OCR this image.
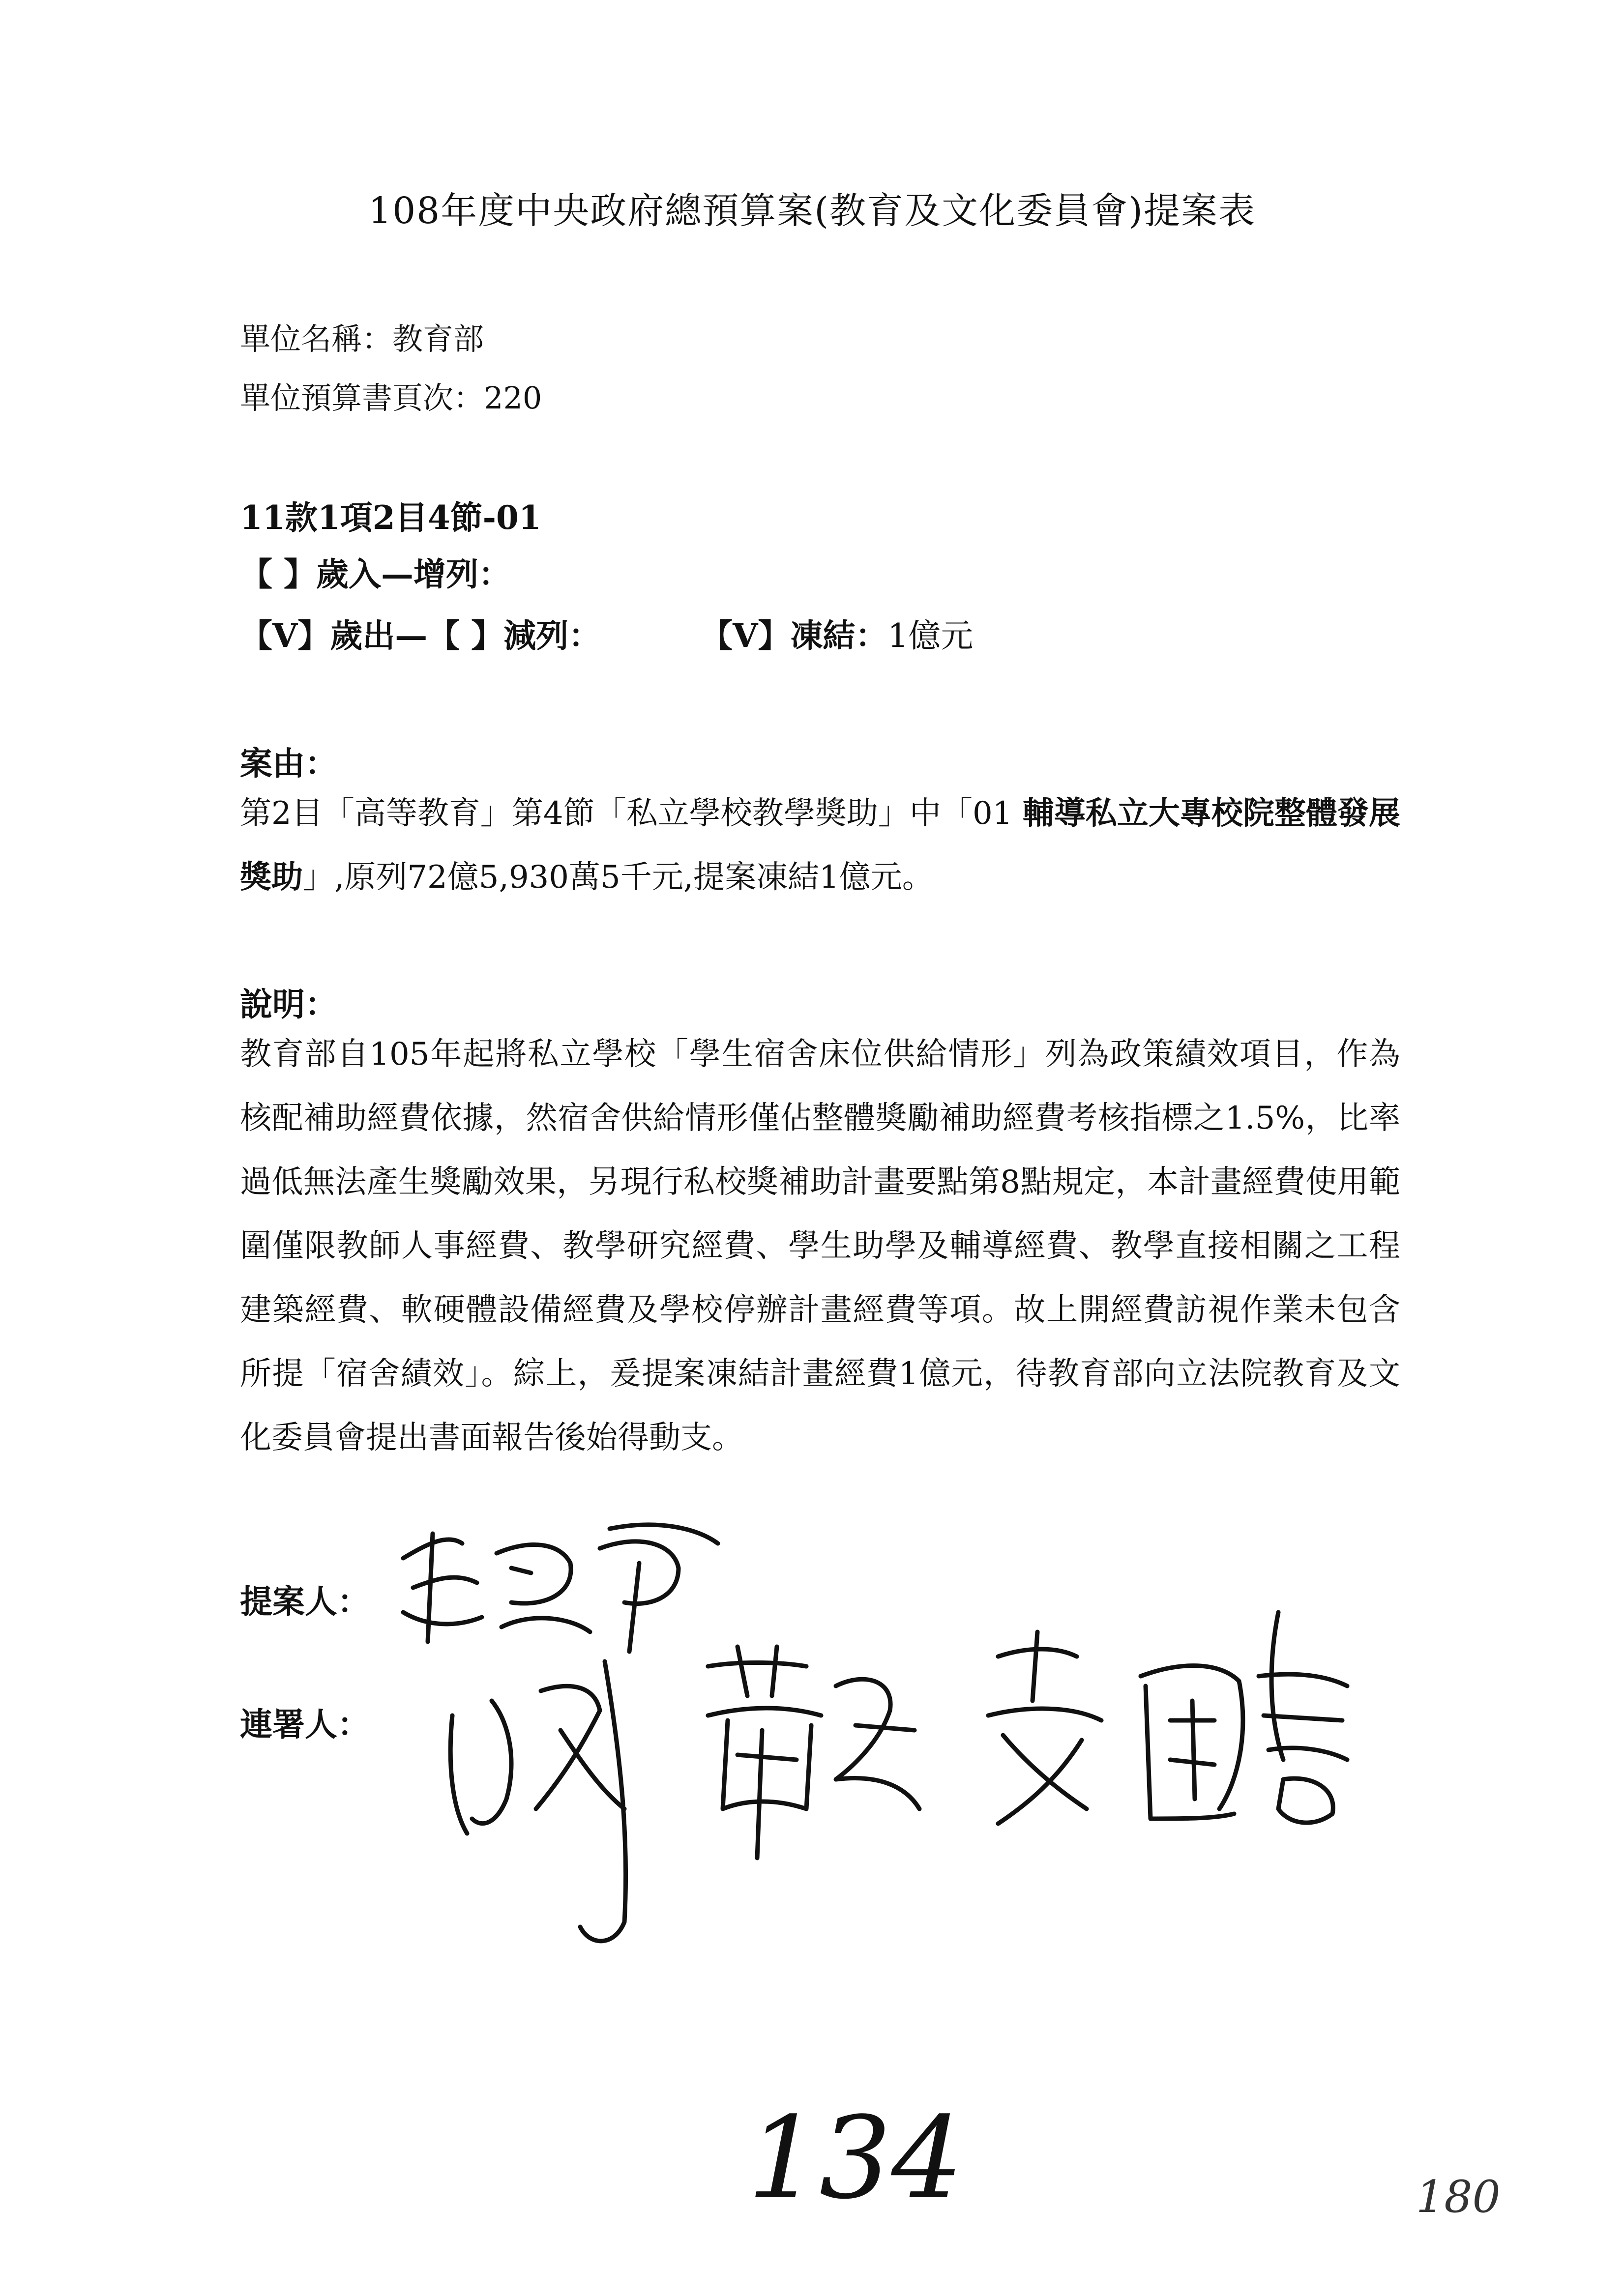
108年度中央政府總預算案(教育及文化委員會)提案表
單位名稱：教育部
單位預算書頁次：220
11款1項2目4節-01
【 】歲入—增列：
【V】歲出—【 】減列：	【V】凍結：1億元
案由：
第2目「高等教育」第4節「私立學校教學獎助」中「01 輔導私立大專校院整體發展獎助」,原列72億5,930萬5千元,提案凍結1億元。
說明：
教育部自105年起將私立學校「學生宿舍床位供給情形」列為政策績效項目，作為核配補助經費依據，然宿舍供給情形僅佔整體獎勵補助經費考核指標之1.5%，比率過低無法產生獎勵效果，另現行私校獎補助計畫要點第8點規定，本計畫經費使用範圍僅限教師人事經費、教學研究經費、學生助學及輔導經費、教學直接相關之工程建築經費、軟硬體設備經費及學校停辦計畫經費等項。故上開經費訪視作業未包含所提「宿舍績效」。綜上，爰提案凍結計畫經費1億元，待教育部向立法院教育及文化委員會提出書面報告後始得動支。
提案人：
連署人：
134	180
